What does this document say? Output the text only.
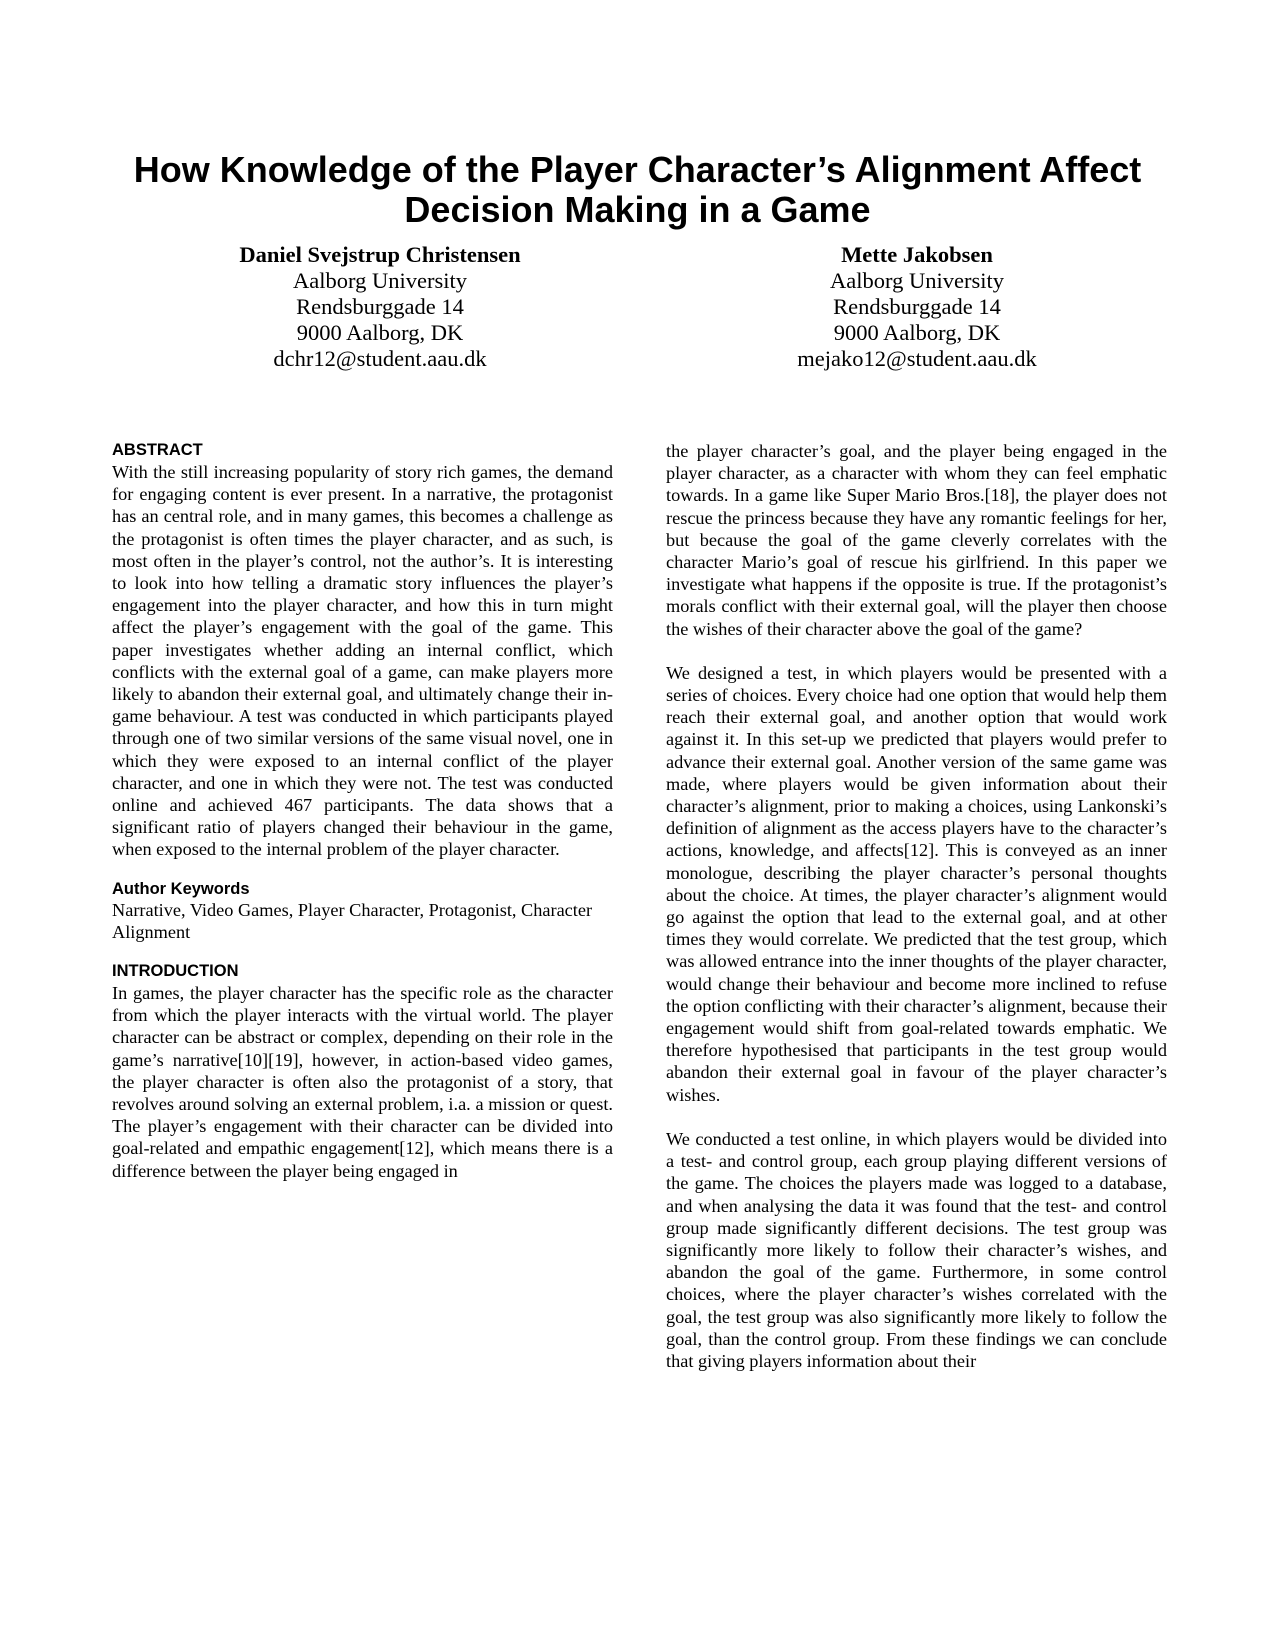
How Knowledge of the Player Character’s Alignment Affect
Decision Making in a Game
Daniel Svejstrup Christensen
Aalborg University
Rendsburggade 14
9000 Aalborg, DK
dchr12@student.aau.dk
Mette Jakobsen
Aalborg University
Rendsburggade 14
9000 Aalborg, DK
mejako12@student.aau.dk
ABSTRACT

With the still increasing popularity of story rich games, the demand for engaging content is ever present. In a narrative, the protagonist has an central role, and in many games, this becomes a challenge as the protagonist is often times the player character, and as such, is most often in the player’s control, not the author’s. It is interesting to look into how telling a dramatic story influences the player’s engagement into the player character, and how this in turn might affect the player’s engagement with the goal of the game. This paper investigates whether adding an internal conflict, which conflicts with the external goal of a game, can make players more likely to abandon their external goal, and ultimately change their in-game behaviour. A test was conducted in which participants played through one of two similar versions of the same visual novel, one in which they were exposed to an internal conflict of the player character, and one in which they were not. The test was conducted online and achieved 467 participants. The data shows that a significant ratio of players changed their behaviour in the game, when exposed to the internal problem of the player character.

Author Keywords

Narrative, Video Games, Player Character, Protagonist, Character Alignment

INTRODUCTION

In games, the player character has the specific role as the character from which the player interacts with the virtual world. The player character can be abstract or complex, depending on their role in the game’s narrative[10][19], however, in action-based video games, the player character is often also the protagonist of a story, that revolves around solving an external problem, i.a. a mission or quest. The player’s engagement with their character can be divided into goal-related and empathic engagement[12], which means there is a difference between the player being engaged in

the player character’s goal, and the player being engaged in the player character, as a character with whom they can feel emphatic towards. In a game like Super Mario Bros.[18], the player does not rescue the princess because they have any romantic feelings for her, but because the goal of the game cleverly correlates with the character Mario’s goal of rescue his girlfriend. In this paper we investigate what happens if the opposite is true. If the protagonist’s morals conflict with their external goal, will the player then choose the wishes of their character above the goal of the game?

We designed a test, in which players would be presented with a series of choices. Every choice had one option that would help them reach their external goal, and another option that would work against it. In this set-up we predicted that players would prefer to advance their external goal. Another version of the same game was made, where players would be given information about their character’s alignment, prior to making a choices, using Lankonski’s definition of alignment as the access players have to the character’s actions, knowledge, and affects[12]. This is conveyed as an inner monologue, describing the player character’s personal thoughts about the choice. At times, the player character’s alignment would go against the option that lead to the external goal, and at other times they would correlate. We predicted that the test group, which was allowed entrance into the inner thoughts of the player character, would change their behaviour and become more inclined to refuse the option conflicting with their character’s alignment, because their engagement would shift from goal-related towards emphatic. We therefore hypothesised that participants in the test group would abandon their external goal in favour of the player character’s wishes.

We conducted a test online, in which players would be divided into a test- and control group, each group playing different versions of the game. The choices the players made was logged to a database, and when analysing the data it was found that the test- and control group made significantly different decisions. The test group was significantly more likely to follow their character’s wishes, and abandon the goal of the game. Furthermore, in some control choices, where the player character’s wishes correlated with the goal, the test group was also significantly more likely to follow the goal, than the control group. From these findings we can conclude that giving players information about their
